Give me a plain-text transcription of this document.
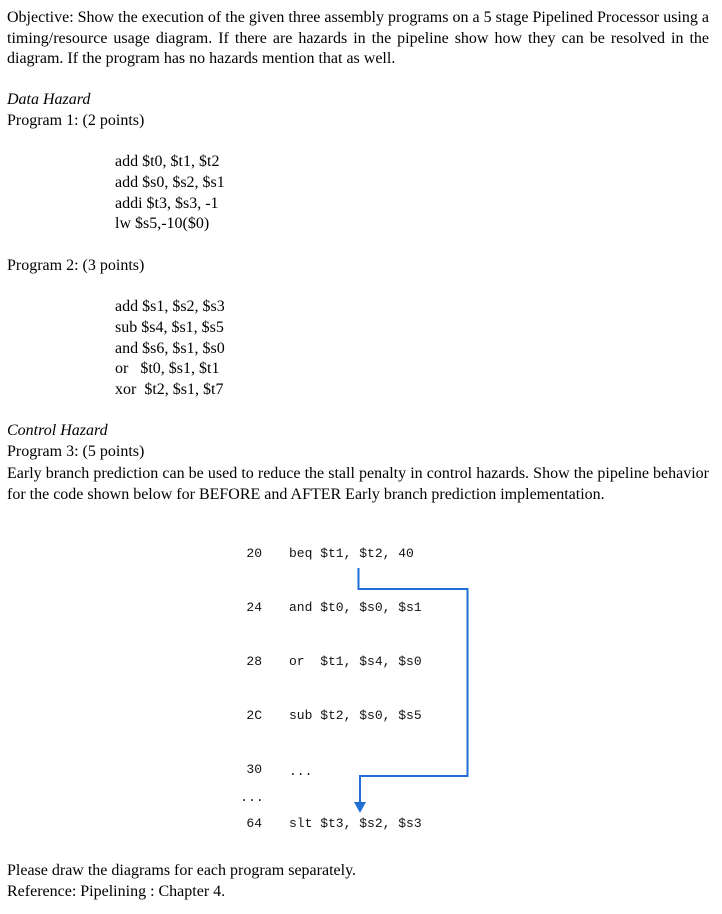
Objective: Show the execution of the given three assembly programs on a 5 stage Pipelined Processor using a timing/resource usage diagram. If there are hazards in the pipeline show how they can be resolved in the diagram. If the program has no hazards mention that as well.
Data Hazard
Program 1: (2 points)
add $t0, $t1, $t2
add $s0, $s2, $s1
addi $t3, $s3, -1
lw $s5,-10($0)
Program 2: (3 points)
add $s1, $s2, $s3
sub $s4, $s1, $s5
and $s6, $s1, $s0
or   $t0, $s1, $t1
xor  $t2, $s1, $t7
Control Hazard
Program 3: (5 points)
Early branch prediction can be used to reduce the stall penalty in control hazards. Show the pipeline behavior for the code shown below for BEFORE and AFTER Early branch prediction implementation.
20 beq $t1, $t2, 40
24 and $t0, $s0, $s1
28 or  $t1, $s4, $s0
2C sub $t2, $s0, $s5
30 ...
...
64 slt $t3, $s2, $s3
Please draw the diagrams for each program separately.
Reference: Pipelining : Chapter 4.
